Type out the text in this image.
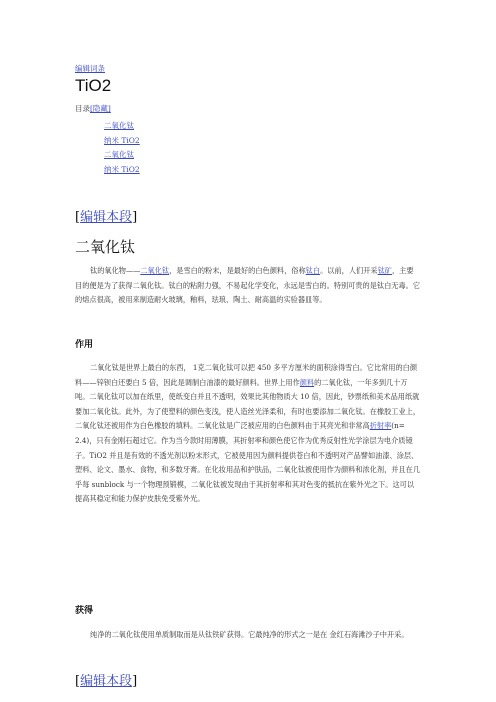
编辑词条
TiO2
目录[隐藏]
二氧化钛
纳米 TiO2
二氧化钛
纳米 TiO2
[编辑本段]
二氧化钛

钛的氧化物——二氧化钛，是雪白的粉末，是最好的白色颜料，俗称钛白。以前，人们开采钛矿，主要目的便是为了获得二氧化钛。钛白的粘附力强，不易起化学变化，永远是雪白的。特别可贵的是钛白无毒。它的熔点很高，被用来制造耐火玻璃，釉料，珐琅、陶土、耐高温的实验器皿等。

作用

二氧化钛是世界上最白的东西， 1克二氧化钛可以把 450 多平方厘米的面积涂得雪白。它比常用的白颜料——锌钡白还要白 5 倍，因此是调制白油漆的最好颜料。世界上用作颜料的二氧化钛，一年多到几十万吨。二氧化钛可以加在纸里，使纸变白并且不透明，效果比其他物质大 10 倍，因此，钞票纸和美术品用纸就要加二氧化钛。此外，为了使塑料的颜色变浅，使人造丝光泽柔和，有时也要添加二氧化钛。在橡胶工业上，二氧化钛还被用作为白色橡胶的填料。二氧化钛是广泛被应用的白色颜料由于其亮光和非常高折射率(n= 2.4)，只有金刚石超过它。作为当今款时用薄膜，其折射率和颜色使它作为优秀反射性光学涂层为电介质镜子。TiO2 并且是有效的不透光剂以粉末形式，它被使用因为颜料提供苍白和不透明对产品譬如油漆、涂层、塑料、论文、墨水、食物，和多数牙膏。在化妆用品和护肤品，二氧化钛被使用作为颜料和浓化剂，并且在几乎每 sunblock 与一个物理预锻模，二氧化钛被发现由于其折射率和其对色变的抵抗在紫外光之下。这可以提高其稳定和能力保护皮肤免受紫外光。

获得

纯净的二氧化钛使用单质制取而是从钛铁矿获得。它最纯净的形式之一是在 金红石海滩沙子中开采。

[编辑本段]
